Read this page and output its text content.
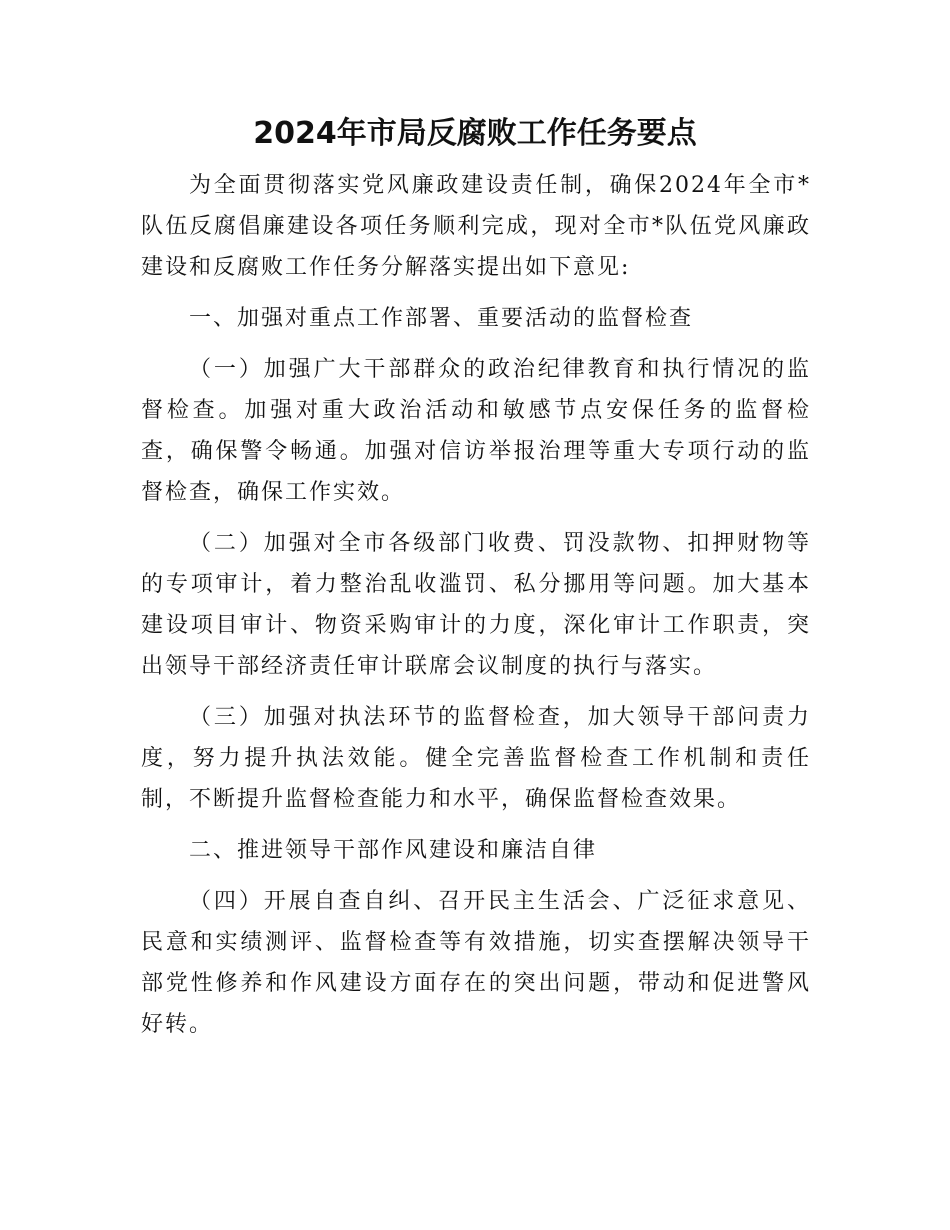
2024年市局反腐败工作任务要点

为全面贯彻落实党风廉政建设责任制，确保2024年全市*队伍反腐倡廉建设各项任务顺利完成，现对全市*队伍党风廉政建设和反腐败工作任务分解落实提出如下意见:

一、加强对重点工作部署、重要活动的监督检查

（一）加强广大干部群众的政治纪律教育和执行情况的监督检查。加强对重大政治活动和敏感节点安保任务的监督检查，确保警令畅通。加强对信访举报治理等重大专项行动的监督检查，确保工作实效。

（二）加强对全市各级部门收费、罚没款物、扣押财物等的专项审计，着力整治乱收滥罚、私分挪用等问题。加大基本建设项目审计、物资采购审计的力度，深化审计工作职责，突出领导干部经济责任审计联席会议制度的执行与落实。

（三）加强对执法环节的监督检查，加大领导干部问责力度，努力提升执法效能。健全完善监督检查工作机制和责任制，不断提升监督检查能力和水平，确保监督检查效果。

二、推进领导干部作风建设和廉洁自律

（四）开展自查自纠、召开民主生活会、广泛征求意见、民意和实绩测评、监督检查等有效措施，切实查摆解决领导干部党性修养和作风建设方面存在的突出问题，带动和促进警风好转。
